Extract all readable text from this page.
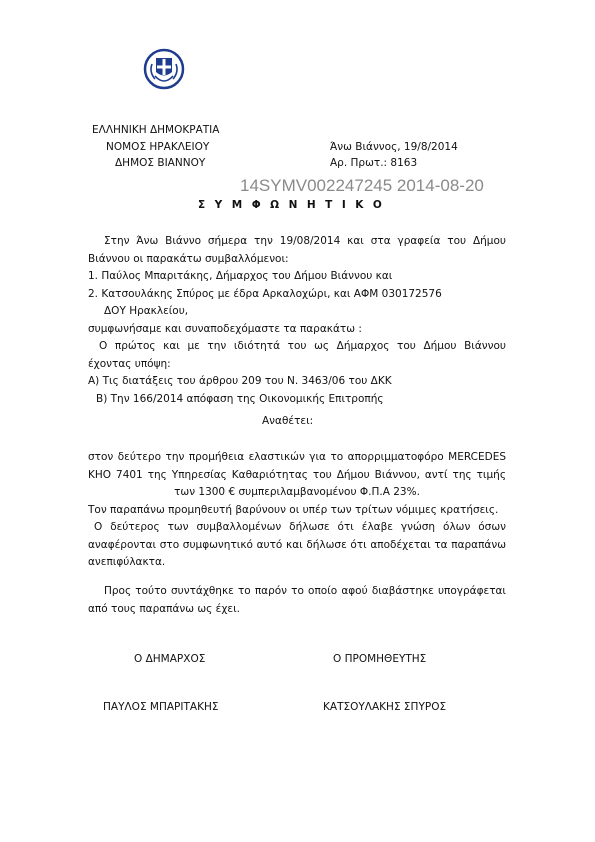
ΕΛΛΗΝΙΚΗ ΔΗΜΟΚΡΑΤΙΑ
ΝΟΜΟΣ ΗΡΑΚΛΕΙΟΥ
ΔΗΜΟΣ ΒΙΑΝΝΟΥ
Άνω Βιάννος, 19/8/2014
Αρ. Πρωτ.: 8163
14SYMV002247245 2014-08-20
ΣΥΜΦΩΝΗΤΙΚΟ
Στην Άνω Βιάννο σήμερα την 19/08/2014 και στα γραφεία του Δήμου
Βιάννου οι παρακάτω συμβαλλόμενοι:
1. Παύλος Μπαριτάκης, Δήμαρχος του Δήμου Βιάννου και
2. Κατσουλάκης Σπύρος με έδρα Αρκαλοχώρι, και ΑΦΜ 030172576
ΔΟΥ Ηρακλείου,
συμφωνήσαμε και συναποδεχόμαστε τα παρακάτω :
Ο πρώτος και με την ιδιότητά του ως Δήμαρχος του Δήμου Βιάννου
έχοντας υπόψη:
Α) Τις διατάξεις του άρθρου 209 του Ν. 3463/06 του ΔΚΚ
Β) Την 166/2014 απόφαση της Οικονομικής Επιτροπής
Αναθέτει:
στον δεύτερο την προμήθεια ελαστικών για το απορριμματοφόρο MERCEDES
ΚΗΟ 7401 της Υπηρεσίας Καθαριότητας του Δήμου Βιάννου, αντί της τιμής
των 1300 € συμπεριλαμβανομένου Φ.Π.Α 23%.
Τον παραπάνω προμηθευτή βαρύνουν οι υπέρ των τρίτων νόμιμες κρατήσεις.
Ο δεύτερος των συμβαλλομένων δήλωσε ότι έλαβε γνώση όλων όσων
αναφέρονται στο συμφωνητικό αυτό και δήλωσε ότι αποδέχεται τα παραπάνω
ανεπιφύλακτα.
Προς τούτο συντάχθηκε το παρόν το οποίο αφού διαβάστηκε υπογράφεται
από τους παραπάνω ως έχει.
Ο ΔΗΜΑΡΧΟΣ	Ο ΠΡΟΜΗΘΕΥΤΗΣ
ΠΑΥΛΟΣ ΜΠΑΡΙΤΑΚΗΣ	ΚΑΤΣΟΥΛΑΚΗΣ ΣΠΥΡΟΣ
